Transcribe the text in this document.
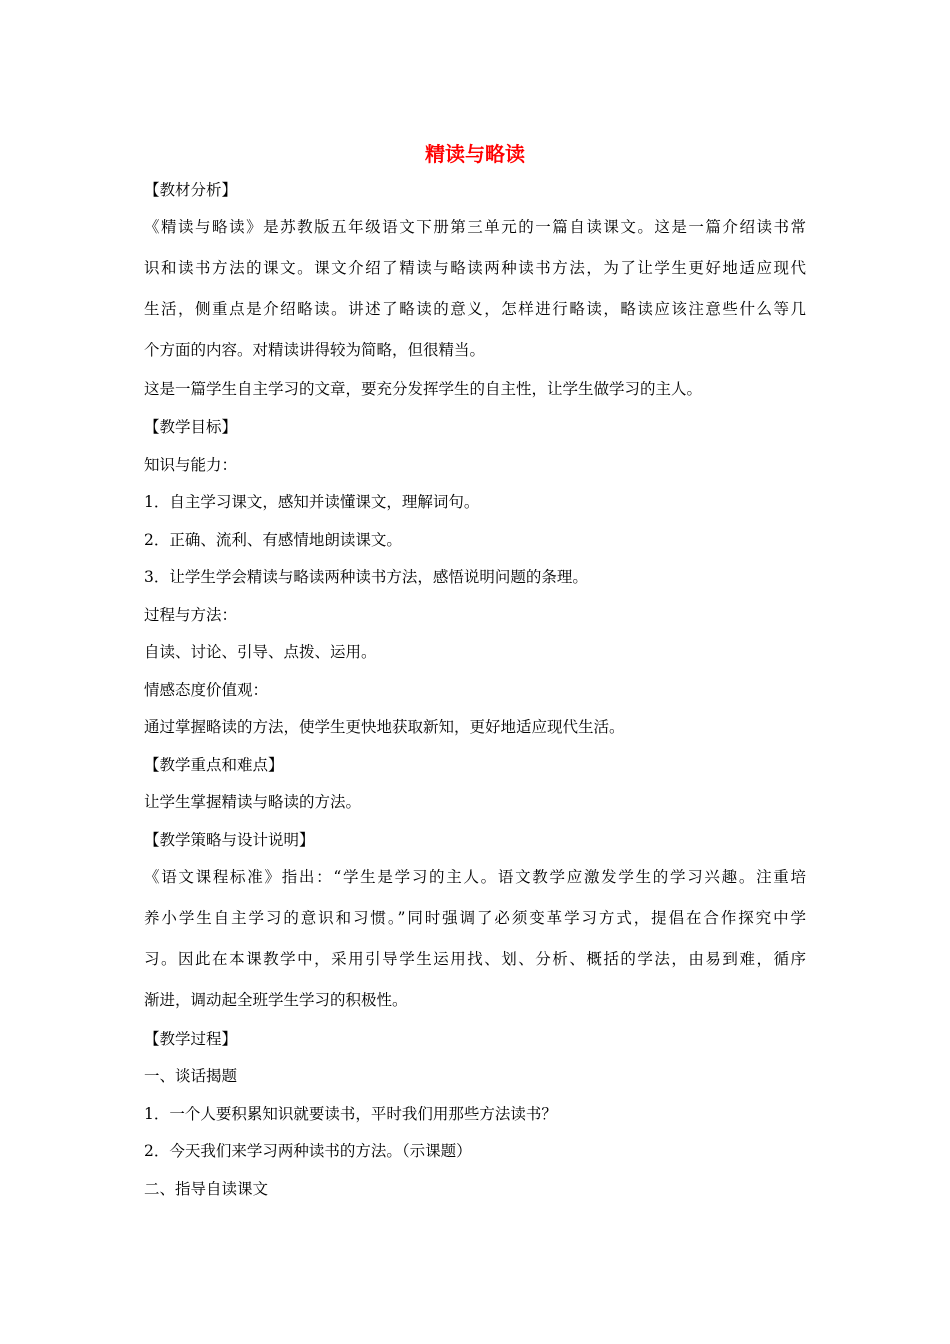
精读与略读
【教材分析】
《精读与略读》是苏教版五年级语文下册第三单元的一篇自读课文。这是一篇介绍读书常
识和读书方法的课文。课文介绍了精读与略读两种读书方法，为了让学生更好地适应现代
生活，侧重点是介绍略读。讲述了略读的意义，怎样进行略读，略读应该注意些什么等几
个方面的内容。对精读讲得较为简略，但很精当。
这是一篇学生自主学习的文章，要充分发挥学生的自主性，让学生做学习的主人。
【教学目标】
知识与能力：
1．自主学习课文，感知并读懂课文，理解词句。
2．正确、流利、有感情地朗读课文。
3．让学生学会精读与略读两种读书方法，感悟说明问题的条理。
过程与方法：
自读、讨论、引导、点拨、运用。
情感态度价值观：
通过掌握略读的方法，使学生更快地获取新知，更好地适应现代生活。
【教学重点和难点】
让学生掌握精读与略读的方法。
【教学策略与设计说明】
《语文课程标准》指出：“学生是学习的主人。语文教学应激发学生的学习兴趣。注重培
养小学生自主学习的意识和习惯。”同时强调了必须变革学习方式，提倡在合作探究中学
习。因此在本课教学中，采用引导学生运用找、划、分析、概括的学法，由易到难，循序
渐进，调动起全班学生学习的积极性。
【教学过程】
一、谈话揭题
1．一个人要积累知识就要读书，平时我们用那些方法读书？
2．今天我们来学习两种读书的方法。（示课题）
二、指导自读课文
